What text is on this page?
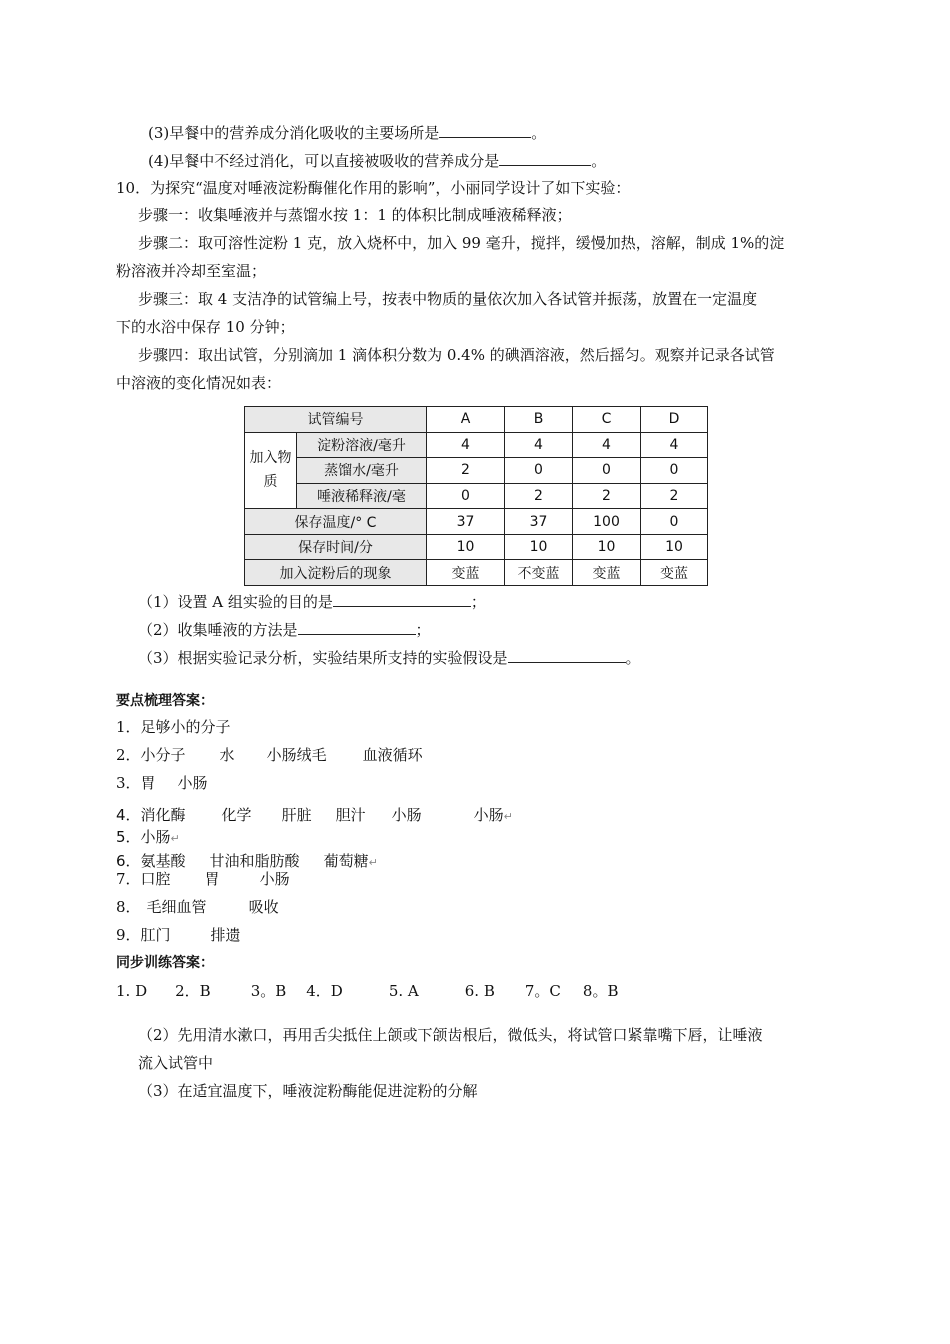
(3)早餐中的营养成分消化吸收的主要场所是	。
(4)早餐中不经过消化，可以直接被吸收的营养成分是	。
10．为探究“温度对唾液淀粉酶催化作用的影响”，小丽同学设计了如下实验：
步骤一：收集唾液并与蒸馏水按 1：1 的体积比制成唾液稀释液；
步骤二：取可溶性淀粉 1 克，放入烧杯中，加入 99 毫升，搅拌，缓慢加热，溶解，制成 1%的淀
粉溶液并冷却至室温；
步骤三：取 4 支洁净的试管编上号，按表中物质的量依次加入各试管并振荡，放置在一定温度
下的水浴中保存 10 分钟；
步骤四：取出试管，分别滴加 1 滴体积分数为 0.4% 的碘酒溶液，然后摇匀。观察并记录各试管
中溶液的变化情况如表：
试管编号		A	B	C	D
加入物质	淀粉溶液/毫升	4	4	4	4
	蒸馏水/毫升	2	0	0	0
	唾液稀释液/毫	0	2	2	2
保存温度/° C		37	37	100	0
保存时间/分		10	10	10	10
加入淀粉后的现象		变蓝	不变蓝	变蓝	变蓝
（1）设置 A 组实验的目的是	；
（2）收集唾液的方法是	；
（3）根据实验记录分析，实验结果所支持的实验假设是	。
要点梳理答案：
1．足够小的分子
2．小分子 水 小肠绒毛 血液循环
3．胃 小肠
4．消化酶 化学 肝脏 胆汁 小肠	小肠↵
5．小肠↵
6．氨基酸 甘油和脂肪酸 葡萄糖↵
7．口腔 胃	小肠
8． 毛细血管	吸收
9．肛门	排遗
同步训练答案：
1. D 2．B	3。B 4．D	5. A	6. B 7。C 8。B
（2）先用清水漱口，再用舌尖抵住上颌或下颌齿根后，微低头，将试管口紧靠嘴下唇，让唾液
流入试管中
（3）在适宜温度下，唾液淀粉酶能促进淀粉的分解
